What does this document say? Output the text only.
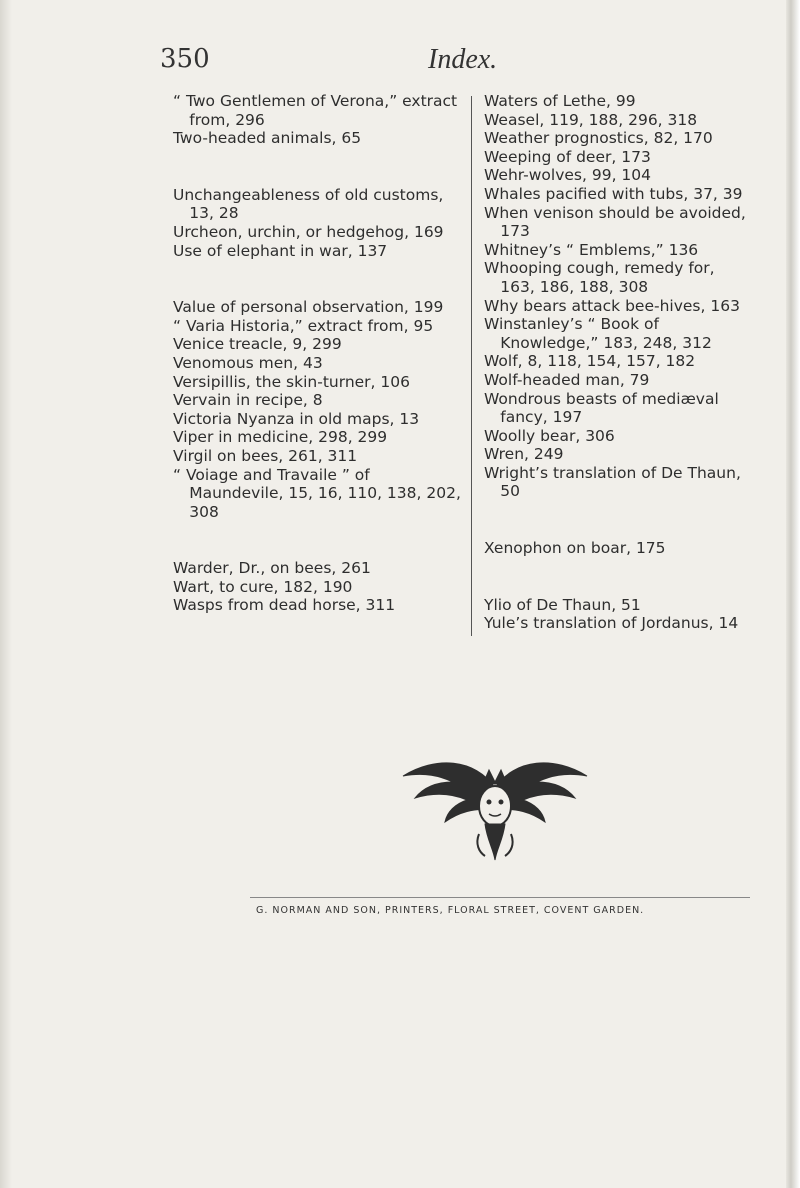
350	Index.

“ Two Gentlemen of Verona,” extract from, 296

Two-headed animals, 65

Unchangeableness of old customs, 13, 28

Urcheon, urchin, or hedgehog, 169

Use of elephant in war, 137

Value of personal observation, 199

“ Varia Historia,” extract from, 95

Venice treacle, 9, 299

Venomous men, 43

Versipillis, the skin-turner, 106

Vervain in recipe, 8

Victoria Nyanza in old maps, 13

Viper in medicine, 298, 299

Virgil on bees, 261, 311

“ Voiage and Travaile ” of Maundevile, 15, 16, 110, 138, 202, 308

Warder, Dr., on bees, 261

Wart, to cure, 182, 190

Wasps from dead horse, 311

Waters of Lethe, 99

Weasel, 119, 188, 296, 318

Weather prognostics, 82, 170

Weeping of deer, 173

Wehr-wolves, 99, 104

Whales pacified with tubs, 37, 39

When venison should be avoided, 173

Whitney’s “ Emblems,” 136

Whooping cough, remedy for, 163, 186, 188, 308

Why bears attack bee-hives, 163

Winstanley’s “ Book of Knowledge,” 183, 248, 312

Wolf, 8, 118, 154, 157, 182

Wolf-headed man, 79

Wondrous beasts of mediæval fancy, 197

Woolly bear, 306

Wren, 249

Wright’s translation of De Thaun, 50

Xenophon on boar, 175

Ylio of De Thaun, 51

Yule’s translation of Jordanus, 14

G. NORMAN AND SON, PRINTERS, FLORAL STREET, COVENT GARDEN.
